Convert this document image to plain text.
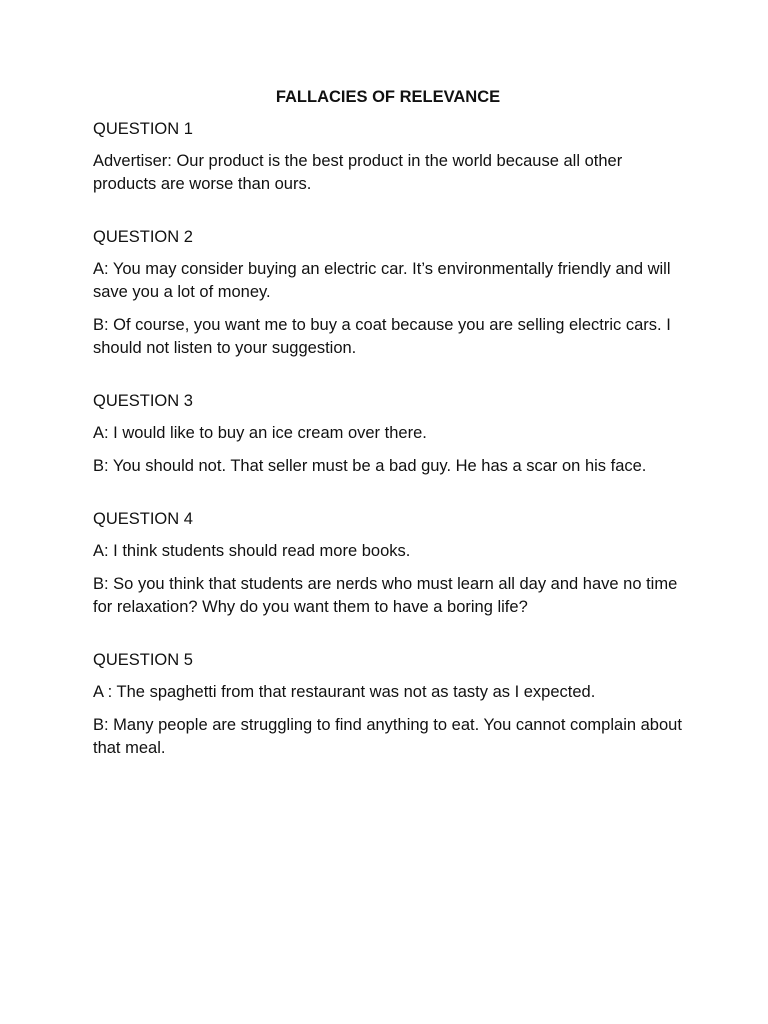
FALLACIES OF RELEVANCE

QUESTION 1

Advertiser: Our product is the best product in the world because all other products are worse than ours.

QUESTION 2

A: You may consider buying an electric car. It’s environmentally friendly and will save you a lot of money.

B: Of course, you want me to buy a coat because you are selling electric cars. I should not listen to your suggestion.

QUESTION 3

A: I would like to buy an ice cream over there.

B: You should not. That seller must be a bad guy. He has a scar on his face.

QUESTION 4

A: I think students should read more books.

B: So you think that students are nerds who must learn all day and have no time for relaxation? Why do you want them to have a boring life?

QUESTION 5

A : The spaghetti from that restaurant was not as tasty as I expected.

B: Many people are struggling to find anything to eat. You cannot complain about that meal.
